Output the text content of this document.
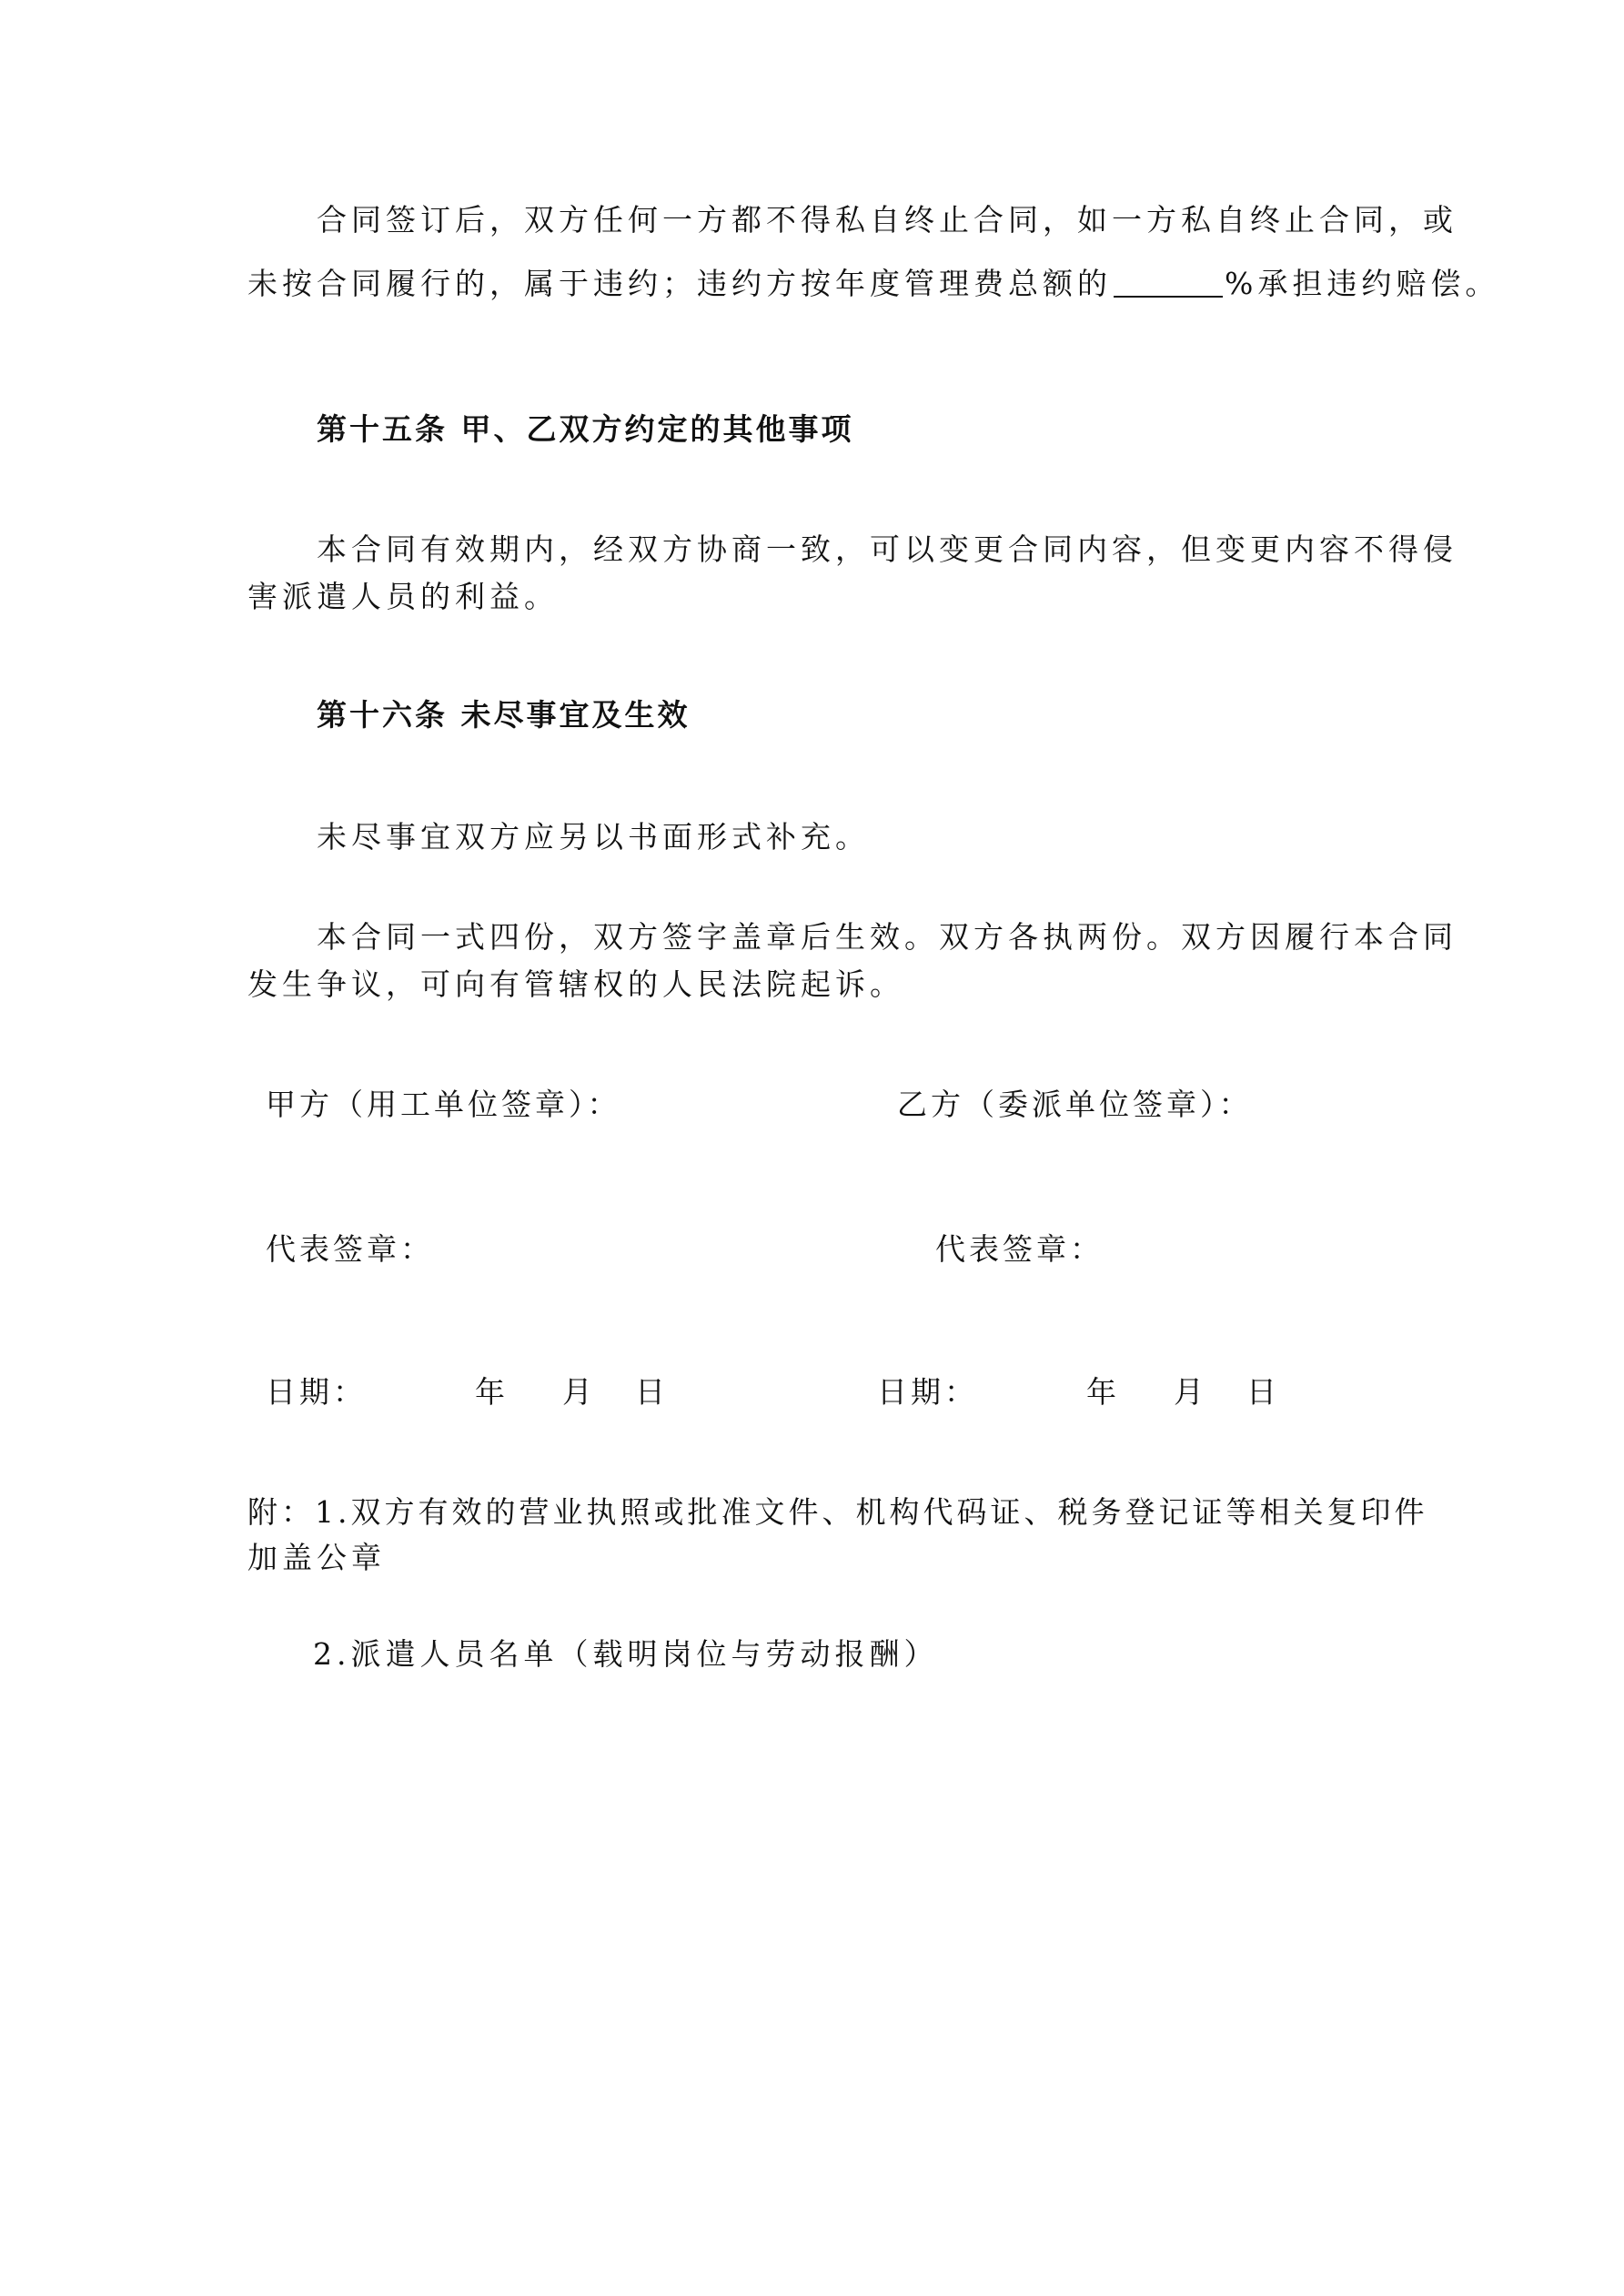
合同签订后，双方任何一方都不得私自终止合同，如一方私自终止合同，或
未按合同履行的，属于违约；违约方按年度管理费总额的	%承担违约赔偿。
第十五条 甲、乙双方约定的其他事项
本合同有效期内，经双方协商一致，可以变更合同内容，但变更内容不得侵
害派遣人员的利益。
第十六条 未尽事宜及生效
未尽事宜双方应另以书面形式补充。
本合同一式四份，双方签字盖章后生效。双方各执两份。双方因履行本合同
发生争议，可向有管辖权的人民法院起诉。
甲方（用工单位签章）：	乙方（委派单位签章）：
代表签章：	代表签章：
日期：	年 月 日	日期：	年 月 日
附：1.双方有效的营业执照或批准文件、机构代码证、税务登记证等相关复印件
加盖公章
2.派遣人员名单（载明岗位与劳动报酬）
